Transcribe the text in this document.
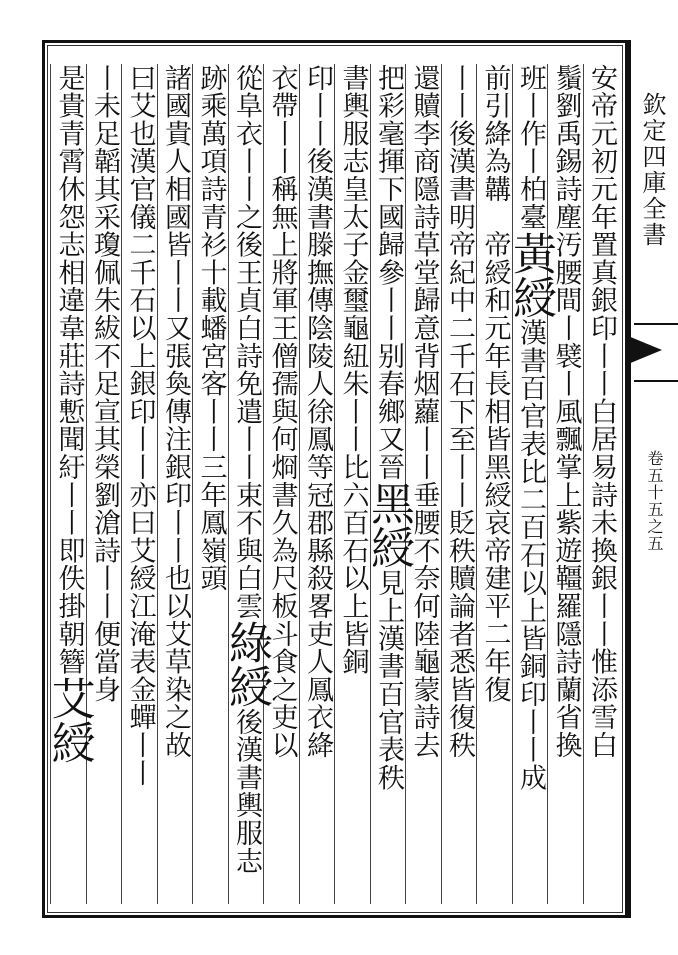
欽定四庫全書
卷五十五之五
安帝元初元年置真銀印丨丨白居易詩未換銀丨丨惟添雪白
鬚劉禹錫詩塵汚腰間丨襞丨風飄掌上紫遊韁羅隱詩蘭省換
班丨作丨柏臺黃綬漢書百官表比二百石以上皆銅印丨丨成
前引絳為韝　帝綬和元年長相皆黑綬哀帝建平二年復
丨丨後漢書明帝紀中二千石下至丨丨貶秩贖論者悉皆復秩
還贖李商隱詩草堂歸意背烟蘿丨丨垂腰不奈何陸龜蒙詩去
把彩毫揮下國歸參丨丨别春鄉又晉黑綬見上漢書百官表秩
書輿服志皇太子金璽龜紐朱丨丨比六百石以上皆銅
印丨丨後漢書滕撫傳陰陵人徐鳳等冠郡縣殺畧吏人鳳衣絳
衣帶丨丨稱無上將軍王僧孺與何烱書久為尺板斗食之吏以
從阜衣丨丨之後王貞白詩免遣丨丨束不與白雲綠綬後漢書輿服志
跡乘萬項詩青衫十載蟠宮客丨丨三年鳳嶺頭
諸國貴人相國皆丨丨又張奐傳注銀印丨丨也以艾草染之故
曰艾也漢官儀二千石以上銀印丨丨亦曰艾綬江淹表金蟬丨丨
丨未足韜其采瓊佩朱紱不足宣其榮劉滄詩丨丨便當身
是貴青霄休怨志相違韋莊詩慙聞紆丨丨即佚掛朝簪艾綬
